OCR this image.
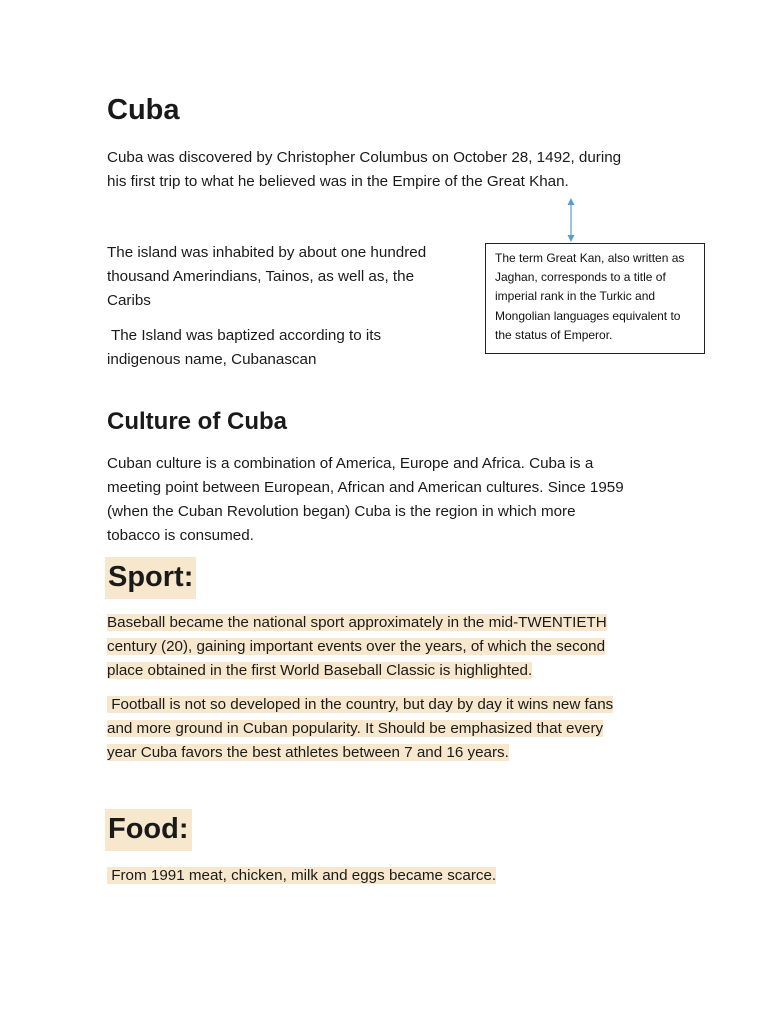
Cuba

Cuba was discovered by Christopher Columbus on October 28, 1492, during
his first trip to what he believed was in the Empire of the Great Khan.

The island was inhabited by about one hundred
thousand Amerindians, Tainos, as well as, the
Caribs

The term Great Kan, also written as
Jaghan, corresponds to a title of
imperial rank in the Turkic and
Mongolian languages equivalent to
the status of Emperor.

The Island was baptized according to its
indigenous name, Cubanascan

Culture of Cuba

Cuban culture is a combination of America, Europe and Africa. Cuba is a
meeting point between European, African and American cultures. Since 1959
(when the Cuban Revolution began) Cuba is the region in which more
tobacco is consumed.

Sport:

Baseball became the national sport approximately in the mid-TWENTIETH
century (20), gaining important events over the years, of which the second
place obtained in the first World Baseball Classic is highlighted.

Football is not so developed in the country, but day by day it wins new fans
and more ground in Cuban popularity. It Should be emphasized that every
year Cuba favors the best athletes between 7 and 16 years.

Food:

From 1991 meat, chicken, milk and eggs became scarce.
